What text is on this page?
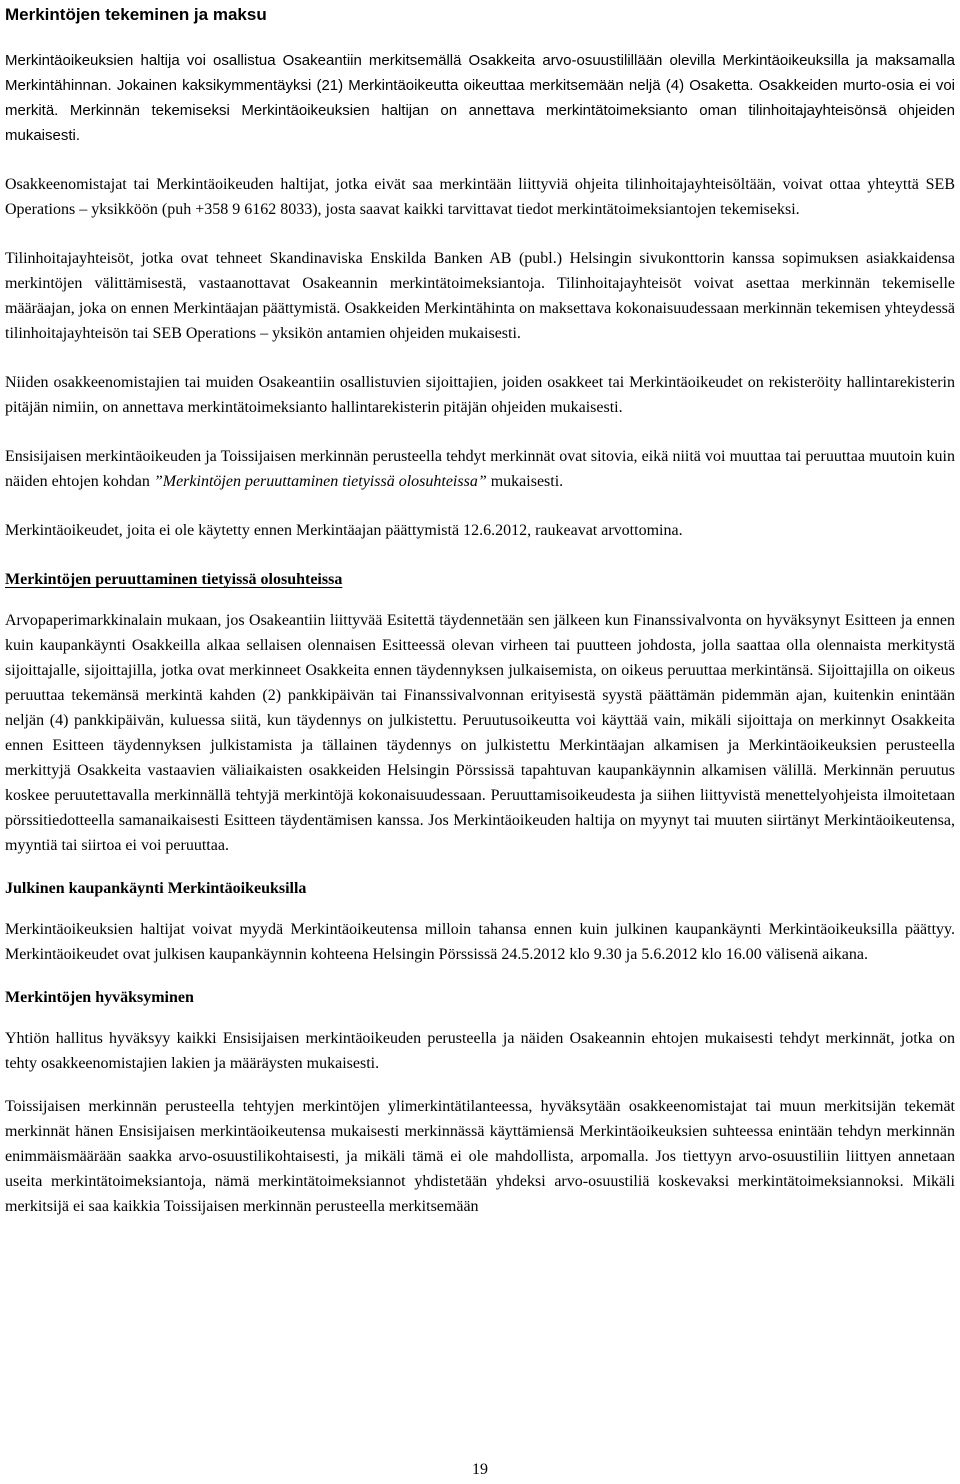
Merkintöjen tekeminen ja maksu

Merkintäoikeuksien haltija voi osallistua Osakeantiin merkitsemällä Osakkeita arvo-osuustilillään olevilla Merkintäoikeuksilla ja maksamalla Merkintähinnan. Jokainen kaksikymmentäyksi (21) Merkintäoikeutta oikeuttaa merkitsemään neljä (4) Osaketta. Osakkeiden murto-osia ei voi merkitä. Merkinnän tekemiseksi Merkintäoikeuksien haltijan on annettava merkintätoimeksianto oman tilinhoitajayhteisönsä ohjeiden mukaisesti.

Osakkeenomistajat tai Merkintäoikeuden haltijat, jotka eivät saa merkintään liittyviä ohjeita tilinhoitajayhteisöltään, voivat ottaa yhteyttä SEB Operations – yksikköön (puh +358 9 6162 8033), josta saavat kaikki tarvittavat tiedot merkintätoimeksiantojen tekemiseksi.

Tilinhoitajayhteisöt, jotka ovat tehneet Skandinaviska Enskilda Banken AB (publ.) Helsingin sivukonttorin kanssa sopimuksen asiakkaidensa merkintöjen välittämisestä, vastaanottavat Osakeannin merkintätoimeksiantoja. Tilinhoitajayhteisöt voivat asettaa merkinnän tekemiselle määräajan, joka on ennen Merkintäajan päättymistä. Osakkeiden Merkintähinta on maksettava kokonaisuudessaan merkinnän tekemisen yhteydessä tilinhoitajayhteisön tai SEB Operations – yksikön antamien ohjeiden mukaisesti.

Niiden osakkeenomistajien tai muiden Osakeantiin osallistuvien sijoittajien, joiden osakkeet tai Merkintäoikeudet on rekisteröity hallintarekisterin pitäjän nimiin, on annettava merkintätoimeksianto hallintarekisterin pitäjän ohjeiden mukaisesti.

Ensisijaisen merkintäoikeuden ja Toissijaisen merkinnän perusteella tehdyt merkinnät ovat sitovia, eikä niitä voi muuttaa tai peruuttaa muutoin kuin näiden ehtojen kohdan ”Merkintöjen peruuttaminen tietyissä olosuhteissa” mukaisesti.

Merkintäoikeudet, joita ei ole käytetty ennen Merkintäajan päättymistä 12.6.2012, raukeavat arvottomina.

Merkintöjen peruuttaminen tietyissä olosuhteissa

Arvopaperimarkkinalain mukaan, jos Osakeantiin liittyvää Esitettä täydennetään sen jälkeen kun Finanssivalvonta on hyväksynyt Esitteen ja ennen kuin kaupankäynti Osakkeilla alkaa sellaisen olennaisen Esitteessä olevan virheen tai puutteen johdosta, jolla saattaa olla olennaista merkitystä sijoittajalle, sijoittajilla, jotka ovat merkinneet Osakkeita ennen täydennyksen julkaisemista, on oikeus peruuttaa merkintänsä. Sijoittajilla on oikeus peruuttaa tekemänsä merkintä kahden (2) pankkipäivän tai Finanssivalvonnan erityisestä syystä päättämän pidemmän ajan, kuitenkin enintään neljän (4) pankkipäivän, kuluessa siitä, kun täydennys on julkistettu. Peruutusoikeutta voi käyttää vain, mikäli sijoittaja on merkinnyt Osakkeita ennen Esitteen täydennyksen julkistamista ja tällainen täydennys on julkistettu Merkintäajan alkamisen ja Merkintäoikeuksien perusteella merkittyjä Osakkeita vastaavien väliaikaisten osakkeiden Helsingin Pörssissä tapahtuvan kaupankäynnin alkamisen välillä. Merkinnän peruutus koskee peruutettavalla merkinnällä tehtyjä merkintöjä kokonaisuudessaan. Peruuttamisoikeudesta ja siihen liittyvistä menettelyohjeista ilmoitetaan pörssitiedotteella samanaikaisesti Esitteen täydentämisen kanssa. Jos Merkintäoikeuden haltija on myynyt tai muuten siirtänyt Merkintäoikeutensa, myyntiä tai siirtoa ei voi peruuttaa.

Julkinen kaupankäynti Merkintäoikeuksilla

Merkintäoikeuksien haltijat voivat myydä Merkintäoikeutensa milloin tahansa ennen kuin julkinen kaupankäynti Merkintäoikeuksilla päättyy. Merkintäoikeudet ovat julkisen kaupankäynnin kohteena Helsingin Pörssissä 24.5.2012 klo 9.30 ja 5.6.2012 klo 16.00 välisenä aikana.

Merkintöjen hyväksyminen

Yhtiön hallitus hyväksyy kaikki Ensisijaisen merkintäoikeuden perusteella ja näiden Osakeannin ehtojen mukaisesti tehdyt merkinnät, jotka on tehty osakkeenomistajien lakien ja määräysten mukaisesti.

Toissijaisen merkinnän perusteella tehtyjen merkintöjen ylimerkintätilanteessa, hyväksytään osakkeenomistajat tai muun merkitsijän tekemät merkinnät hänen Ensisijaisen merkintäoikeutensa mukaisesti merkinnässä käyttämiensä Merkintäoikeuksien suhteessa enintään tehdyn merkinnän enimmäismäärään saakka arvo-osuustilikohtaisesti, ja mikäli tämä ei ole mahdollista, arpomalla. Jos tiettyyn arvo-osuustiliin liittyen annetaan useita merkintätoimeksiantoja, nämä merkintätoimeksiannot yhdistetään yhdeksi arvo-osuustiliä koskevaksi merkintätoimeksiannoksi. Mikäli merkitsijä ei saa kaikkia Toissijaisen merkinnän perusteella merkitsemään

19
